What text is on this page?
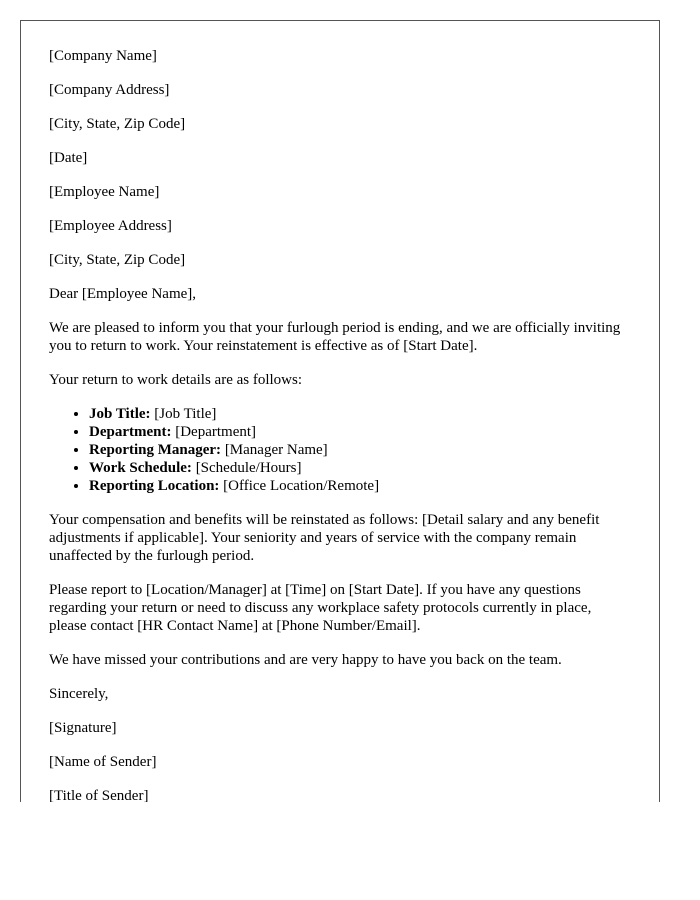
[Company Name]

[Company Address]

[City, State, Zip Code]

[Date]

[Employee Name]

[Employee Address]

[City, State, Zip Code]

Dear [Employee Name],

We are pleased to inform you that your furlough period is ending, and we are officially inviting you to return to work. Your reinstatement is effective as of [Start Date].

Your return to work details are as follows:

• Job Title: [Job Title]
• Department: [Department]
• Reporting Manager: [Manager Name]
• Work Schedule: [Schedule/Hours]
• Reporting Location: [Office Location/Remote]

Your compensation and benefits will be reinstated as follows: [Detail salary and any benefit adjustments if applicable]. Your seniority and years of service with the company remain unaffected by the furlough period.

Please report to [Location/Manager] at [Time] on [Start Date]. If you have any questions regarding your return or need to discuss any workplace safety protocols currently in place, please contact [HR Contact Name] at [Phone Number/Email].

We have missed your contributions and are very happy to have you back on the team.

Sincerely,

[Signature]

[Name of Sender]

[Title of Sender]
